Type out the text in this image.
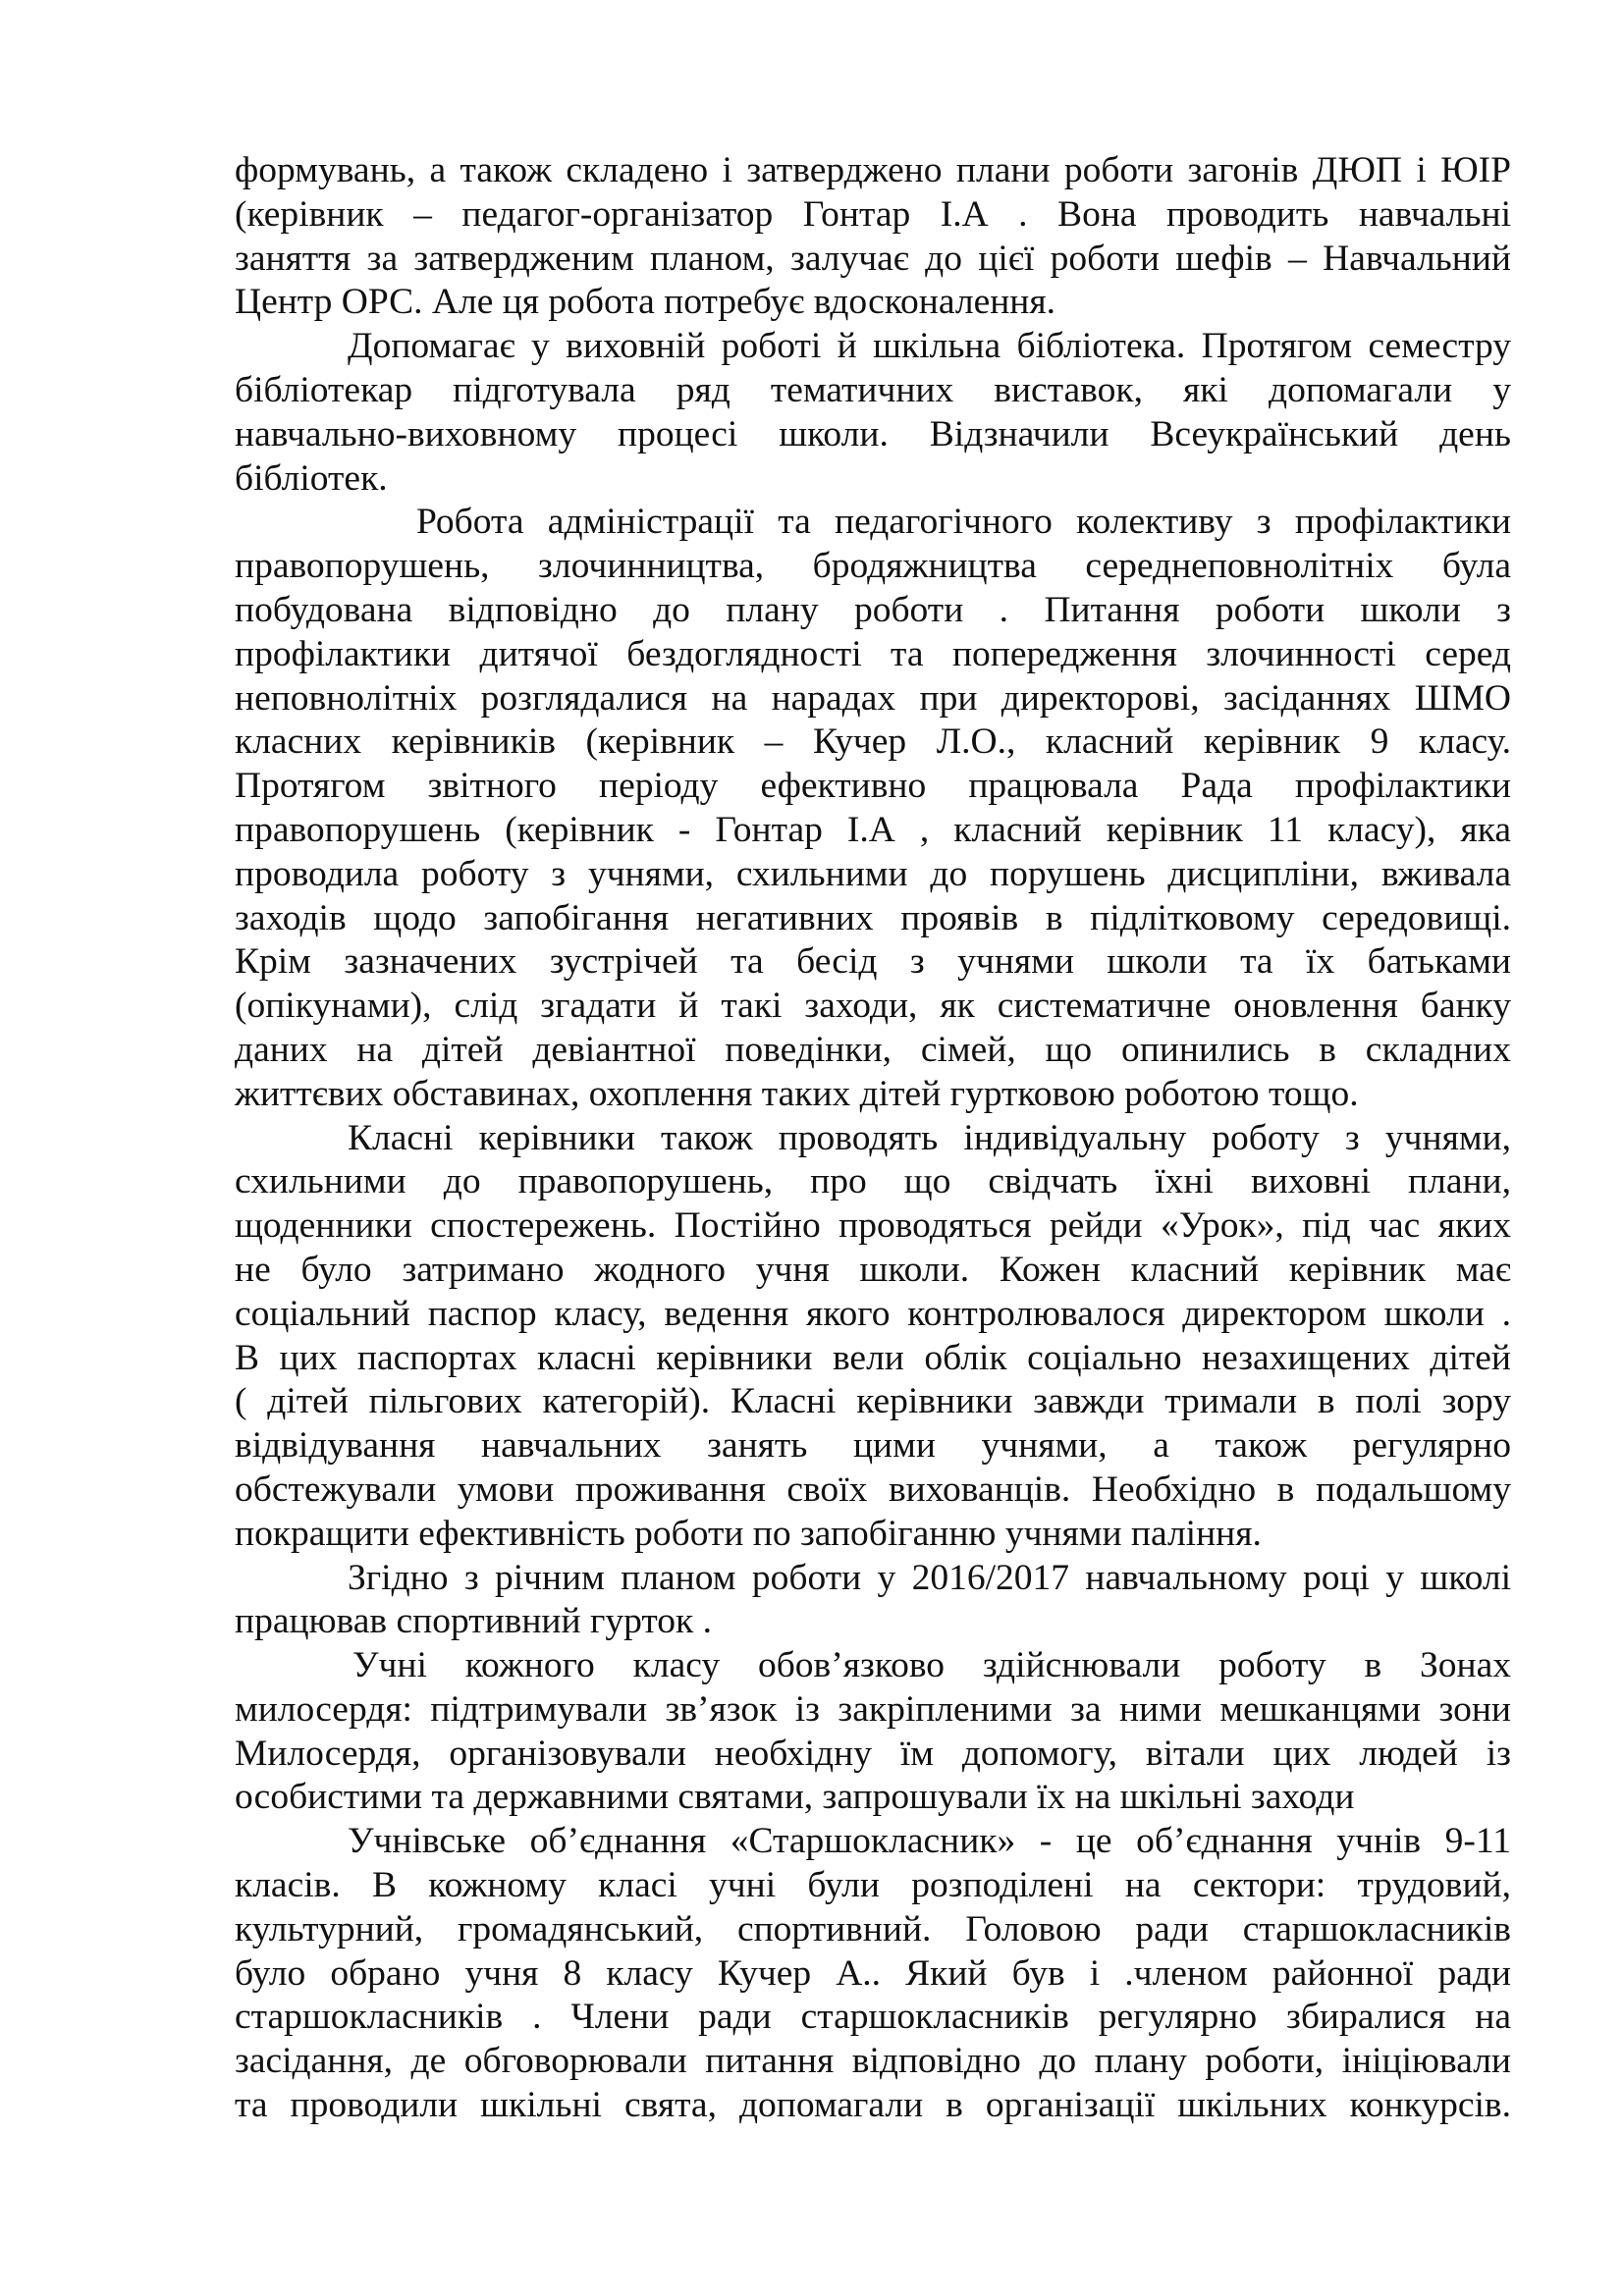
формувань, а також складено і затверджено плани роботи загонів ДЮП і ЮІР
(керівник – педагог-організатор Гонтар І.А . Вона проводить навчальні
заняття за затвердженим планом, залучає до цієї роботи шефів – Навчальний
Центр ОРС. Але ця робота потребує вдосконалення.
Допомагає у виховній роботі й шкільна бібліотека. Протягом семестру
бібліотекар підготувала ряд тематичних виставок, які допомагали у
навчально-виховному процесі школи. Відзначили Всеукраїнський день
бібліотек.
Робота адміністрації та педагогічного колективу з профілактики
правопорушень, злочинництва, бродяжництва середнеповнолітніх була
побудована відповідно до плану роботи . Питання роботи школи з
профілактики дитячої бездоглядності та попередження злочинності серед
неповнолітніх розглядалися на нарадах при директорові, засіданнях ШМО
класних керівників (керівник – Кучер Л.О., класний керівник 9 класу.
Протягом звітного періоду ефективно працювала Рада профілактики
правопорушень (керівник - Гонтар І.А , класний керівник 11 класу), яка
проводила роботу з учнями, схильними до порушень дисципліни, вживала
заходів щодо запобігання негативних проявів в підлітковому середовищі.
Крім зазначених зустрічей та бесід з учнями школи та їх батьками
(опікунами), слід згадати й такі заходи, як систематичне оновлення банку
даних на дітей девіантної поведінки, сімей, що опинились в складних
життєвих обставинах, охоплення таких дітей гуртковою роботою тощо.
Класні керівники також проводять індивідуальну роботу з учнями,
схильними до правопорушень, про що свідчать їхні виховні плани,
щоденники спостережень. Постійно проводяться рейди «Урок», під час яких
не було затримано жодного учня школи. Кожен класний керівник має
соціальний паспор класу, ведення якого контролювалося директором школи .
В цих паспортах класні керівники вели облік соціально незахищених дітей
( дітей пільгових категорій). Класні керівники завжди тримали в полі зору
відвідування навчальних занять цими учнями, а також регулярно
обстежували умови проживання своїх вихованців. Необхідно в подальшому
покращити ефективність роботи по запобіганню учнями паління.
Згідно з річним планом роботи у 2016/2017 навчальному році у школі
працював спортивний гурток .
Учні кожного класу обов’язково здійснювали роботу в Зонах
милосердя: підтримували зв’язок із закріпленими за ними мешканцями зони
Милосердя, організовували необхідну їм допомогу, вітали цих людей із
особистими та державними святами, запрошували їх на шкільні заходи
Учнівське об’єднання «Старшокласник» - це об’єднання учнів 9-11
класів. В кожному класі учні були розподілені на сектори: трудовий,
культурний, громадянський, спортивний. Головою ради старшокласників
було обрано учня 8 класу Кучер А.. Який був і .членом районної ради
старшокласників . Члени ради старшокласників регулярно збиралися на
засідання, де обговорювали питання відповідно до плану роботи, ініціювали
та проводили шкільні свята, допомагали в організації шкільних конкурсів.
